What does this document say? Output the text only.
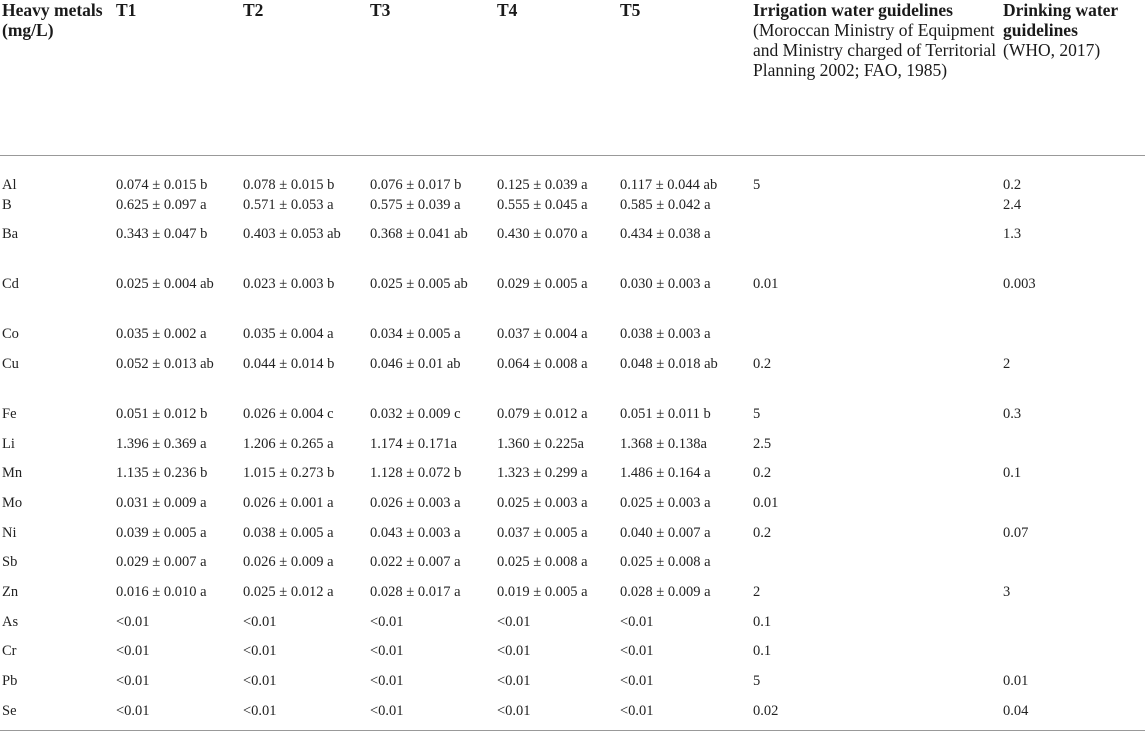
Heavy metals (mg/L)	T1	T2	T3	T4	T5	Irrigation water guidelines
(Moroccan Ministry of Equipment and Ministry charged of Territorial Planning 2002; FAO, 1985)	Drinking water guidelines
(WHO, 2017)
Al	0.074 ± 0.015 b	0.078 ± 0.015 b	0.076 ± 0.017 b	0.125 ± 0.039 a	0.117 ± 0.044 ab	5	0.2
B	0.625 ± 0.097 a	0.571 ± 0.053 a	0.575 ± 0.039 a	0.555 ± 0.045 a	0.585 ± 0.042 a		2.4
Ba	0.343 ± 0.047 b	0.403 ± 0.053 ab	0.368 ± 0.041 ab	0.430 ± 0.070 a	0.434 ± 0.038 a		1.3
Cd	0.025 ± 0.004 ab	0.023 ± 0.003 b	0.025 ± 0.005 ab	0.029 ± 0.005 a	0.030 ± 0.003 a	0.01	0.003
Co	0.035 ± 0.002 a	0.035 ± 0.004 a	0.034 ± 0.005 a	0.037 ± 0.004 a	0.038 ± 0.003 a		
Cu	0.052 ± 0.013 ab	0.044 ± 0.014 b	0.046 ± 0.01 ab	0.064 ± 0.008 a	0.048 ± 0.018 ab	0.2	2
Fe	0.051 ± 0.012 b	0.026 ± 0.004 c	0.032 ± 0.009 c	0.079 ± 0.012 a	0.051 ± 0.011 b	5	0.3
Li	1.396 ± 0.369 a	1.206 ± 0.265 a	1.174 ± 0.171a	1.360 ± 0.225a	1.368 ± 0.138a	2.5	
Mn	1.135 ± 0.236 b	1.015 ± 0.273 b	1.128 ± 0.072 b	1.323 ± 0.299 a	1.486 ± 0.164 a	0.2	0.1
Mo	0.031 ± 0.009 a	0.026 ± 0.001 a	0.026 ± 0.003 a	0.025 ± 0.003 a	0.025 ± 0.003 a	0.01	
Ni	0.039 ± 0.005 a	0.038 ± 0.005 a	0.043 ± 0.003 a	0.037 ± 0.005 a	0.040 ± 0.007 a	0.2	0.07
Sb	0.029 ± 0.007 a	0.026 ± 0.009 a	0.022 ± 0.007 a	0.025 ± 0.008 a	0.025 ± 0.008 a		
Zn	0.016 ± 0.010 a	0.025 ± 0.012 a	0.028 ± 0.017 a	0.019 ± 0.005 a	0.028 ± 0.009 a	2	3
As	<0.01	<0.01	<0.01	<0.01	<0.01	0.1	
Cr	<0.01	<0.01	<0.01	<0.01	<0.01	0.1	
Pb	<0.01	<0.01	<0.01	<0.01	<0.01	5	0.01
Se	<0.01	<0.01	<0.01	<0.01	<0.01	0.02	0.04
